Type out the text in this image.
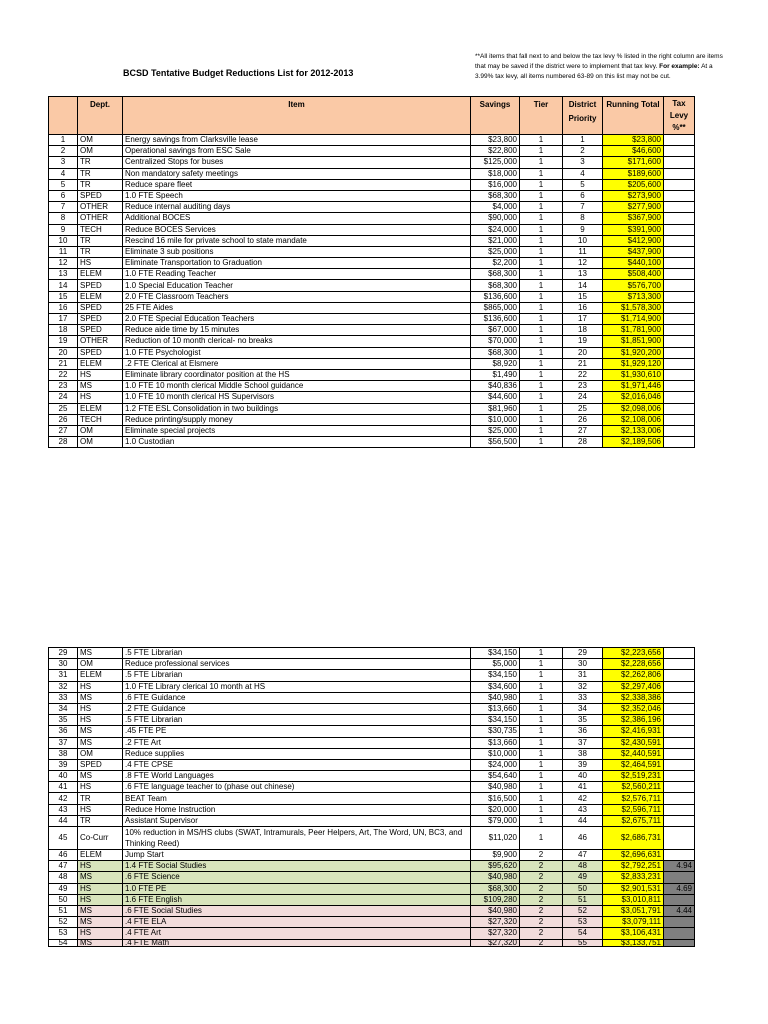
BCSD Tentative Budget Reductions List for 2012-2013
**All items that fall next to and below the tax levy % listed in the right column are items that may be saved if the district were to implement that tax levy. For example: At a 3.99% tax levy, all items numbered 63-89 on this list may not be cut.
	Dept.	Item	Savings	Tier	District Priority	Running Total	Tax Levy %**
1	OM	Energy savings from Clarksville lease	$23,800	1	1	$23,800	
2	OM	Operational savings from ESC Sale	$22,800	1	2	$46,600	
3	TR	Centralized Stops for buses	$125,000	1	3	$171,600	
4	TR	Non mandatory safety meetings	$18,000	1	4	$189,600	
5	TR	Reduce spare fleet	$16,000	1	5	$205,600	
6	SPED	1.0 FTE Speech	$68,300	1	6	$273,900	
7	OTHER	Reduce internal auditing days	$4,000	1	7	$277,900	
8	OTHER	Additional BOCES	$90,000	1	8	$367,900	
9	TECH	Reduce BOCES Services	$24,000	1	9	$391,900	
10	TR	Rescind 16 mile for private school to state mandate	$21,000	1	10	$412,900	
11	TR	Eliminate 3 sub positions	$25,000	1	11	$437,900	
12	HS	Eliminate Transportation to Graduation	$2,200	1	12	$440,100	
13	ELEM	1.0 FTE Reading Teacher	$68,300	1	13	$508,400	
14	SPED	1.0 Special Education Teacher	$68,300	1	14	$576,700	
15	ELEM	2.0 FTE Classroom Teachers	$136,600	1	15	$713,300	
16	SPED	25 FTE Aides	$865,000	1	16	$1,578,300	
17	SPED	2.0 FTE Special Education Teachers	$136,600	1	17	$1,714,900	
18	SPED	Reduce aide time by 15 minutes	$67,000	1	18	$1,781,900	
19	OTHER	Reduction of 10 month clerical- no breaks	$70,000	1	19	$1,851,900	
20	SPED	1.0 FTE Psychologist	$68,300	1	20	$1,920,200	
21	ELEM	.2 FTE Clerical at Elsmere	$8,920	1	21	$1,929,120	
22	HS	Eliminate library coordinator position at the HS	$1,490	1	22	$1,930,610	
23	MS	1.0 FTE 10 month clerical Middle School guidance	$40,836	1	23	$1,971,446	
24	HS	1.0 FTE 10 month clerical HS Supervisors	$44,600	1	24	$2,016,046	
25	ELEM	1.2 FTE ESL Consolidation in two buildings	$81,960	1	25	$2,098,006	
26	TECH	Reduce printing/supply money	$10,000	1	26	$2,108,006	
27	OM	Eliminate special projects	$25,000	1	27	$2,133,006	
28	OM	1.0 Custodian	$56,500	1	28	$2,189,506	
29	MS	.5 FTE Librarian	$34,150	1	29	$2,223,656	
30	OM	Reduce professional services	$5,000	1	30	$2,228,656	
31	ELEM	.5 FTE Librarian	$34,150	1	31	$2,262,806	
32	HS	1.0 FTE Library clerical 10 month at HS	$34,600	1	32	$2,297,406	
33	MS	.6 FTE Guidance	$40,980	1	33	$2,338,386	
34	HS	.2 FTE Guidance	$13,660	1	34	$2,352,046	
35	HS	.5 FTE Librarian	$34,150	1	35	$2,386,196	
36	MS	.45 FTE PE	$30,735	1	36	$2,416,931	
37	MS	.2 FTE Art	$13,660	1	37	$2,430,591	
38	OM	Reduce supplies	$10,000	1	38	$2,440,591	
39	SPED	.4 FTE CPSE	$24,000	1	39	$2,464,591	
40	MS	.8 FTE World Languages	$54,640	1	40	$2,519,231	
41	HS	.6 FTE language teacher to (phase out chinese)	$40,980	1	41	$2,560,211	
42	TR	BEAT Team	$16,500	1	42	$2,576,711	
43	HS	Reduce Home Instruction	$20,000	1	43	$2,596,711	
44	TR	Assistant Supervisor	$79,000	1	44	$2,675,711	
45	Co-Curr	10% reduction in MS/HS clubs (SWAT, Intramurals, Peer Helpers, Art, The Word, UN, BC3, and Thinking Reed)	$11,020	1	46	$2,686,731	
46	ELEM	Jump Start	$9,900	2	47	$2,696,631	
47	HS	1.4 FTE Social Studies	$95,620	2	48	$2,792,251	4.94
48	MS	.6 FTE Science	$40,980	2	49	$2,833,231	
49	HS	1.0 FTE PE	$68,300	2	50	$2,901,531	4.69
50	HS	1.6 FTE English	$109,280	2	51	$3,010,811	
51	MS	.6 FTE Social Studies	$40,980	2	52	$3,051,791	4.44
52	MS	.4 FTE ELA	$27,320	2	53	$3,079,111	
53	HS	.4 FTE Art	$27,320	2	54	$3,106,431	
54	MS	.4 FTE Math	$27,320	2	55	$3,133,751	
